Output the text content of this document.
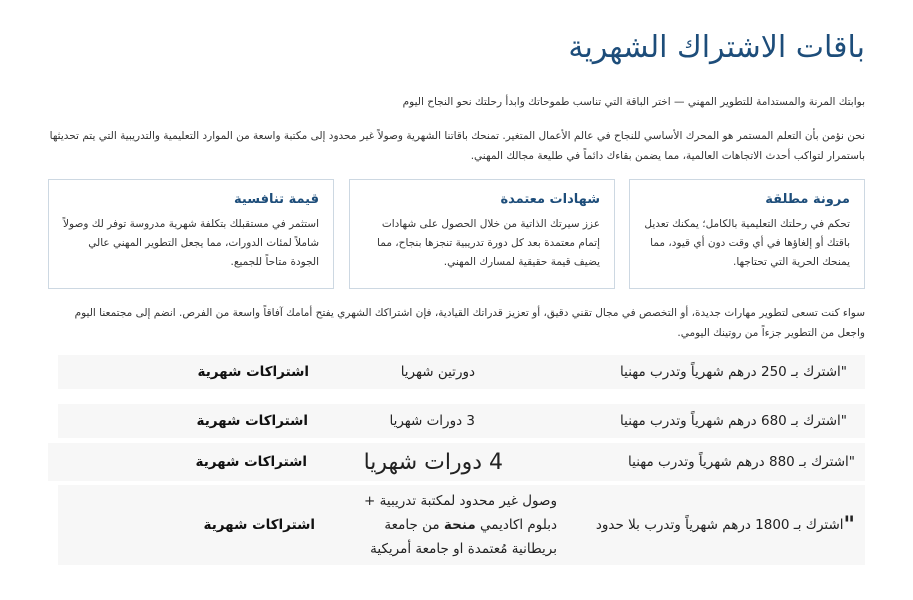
باقات الاشتراك الشهرية
بوابتك المرنة والمستدامة للتطوير المهني — اختر الباقة التي تناسب طموحاتك وابدأ رحلتك نحو النجاح اليوم
نحن نؤمن بأن التعلم المستمر هو المحرك الأساسي للنجاح في عالم الأعمال المتغير. تمنحك باقاتنا الشهرية وصولاً غير محدود إلى مكتبة واسعة من الموارد التعليمية والتدريبية التي يتم تحديثها باستمرار لتواكب أحدث الاتجاهات العالمية، مما يضمن بقاءك دائماً في طليعة مجالك المهني.
مرونة مطلقة

تحكم في رحلتك التعليمية بالكامل؛ يمكنك تعديل باقتك أو إلغاؤها في أي وقت دون أي قيود، مما يمنحك الحرية التي تحتاجها.

شهادات معتمدة

عزز سيرتك الذاتية من خلال الحصول على شهادات إتمام معتمدة بعد كل دورة تدريبية تنجزها بنجاح، مما يضيف قيمة حقيقية لمسارك المهني.

قيمة تنافسية

استثمر في مستقبلك بتكلفة شهرية مدروسة توفر لك وصولاً شاملاً لمئات الدورات، مما يجعل التطوير المهني عالي الجودة متاحاً للجميع.

سواء كنت تسعى لتطوير مهارات جديدة، أو التخصص في مجال تقني دقيق، أو تعزيز قدراتك القيادية، فإن اشتراكك الشهري يفتح أمامك آفاقاً واسعة من الفرص. انضم إلى مجتمعنا اليوم واجعل من التطوير جزءاً من روتينك اليومي.
"اشترك بـ 250 درهم شهرياً وتدرب مهنيا
دورتين شهريا
اشتراكات شهرية
"اشترك بـ 680 درهم شهرياً وتدرب مهنيا
3 دورات شهريا
اشتراكات شهرية
"اشترك بـ 880 درهم شهرياً وتدرب مهنيا
4 دورات شهريا
اشتراكات شهرية
"
اشترك بـ 1800 درهم شهرياً وتدرب بلا حدود
وصول غير محدود لمكتبة تدريبية +
دبلوم اكاديمي منحة من جامعة
بريطانية مُعتمدة او جامعة أمريكية
اشتراكات شهرية
